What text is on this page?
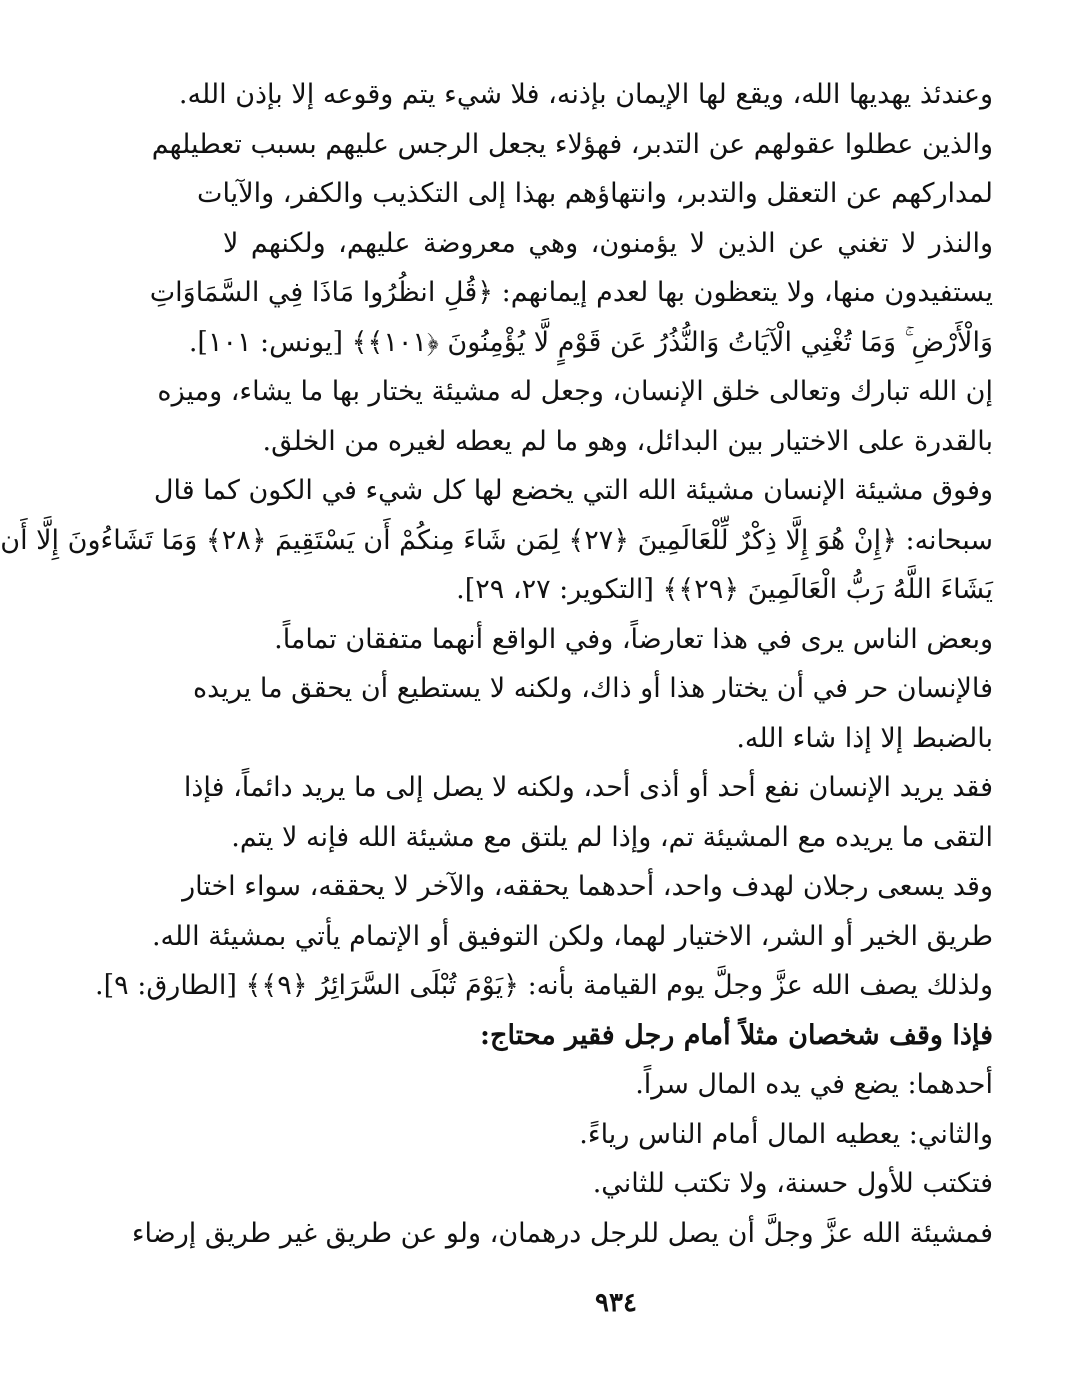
وعندئذ يهديها الله، ويقع لها الإيمان بإذنه، فلا شيء يتم وقوعه إلا بإذن الله.
والذين عطلوا عقولهم عن التدبر، فهؤلاء يجعل الرجس عليهم بسبب تعطيلهم
لمداركهم عن التعقل والتدبر، وانتهاؤهم بهذا إلى التكذيب والكفر، والآيات
والنذر لا تغني عن الذين لا يؤمنون، وهي معروضة عليهم، ولكنهم لا
يستفيدون منها، ولا يتعظون بها لعدم إيمانهم: ﴿قُلِ انظُرُوا مَاذَا فِي السَّمَاوَاتِ
وَالْأَرْضِ ۚ وَمَا تُغْنِي الْآيَاتُ وَالنُّذُرُ عَن قَوْمٍ لَّا يُؤْمِنُونَ ﴿١٠١﴾﴾ [يونس: ١٠١].
إن الله تبارك وتعالى خلق الإنسان، وجعل له مشيئة يختار بها ما يشاء، وميزه
بالقدرة على الاختيار بين البدائل، وهو ما لم يعطه لغيره من الخلق.
وفوق مشيئة الإنسان مشيئة الله التي يخضع لها كل شيء في الكون كما قال
سبحانه: ﴿إِنْ هُوَ إِلَّا ذِكْرٌ لِّلْعَالَمِينَ ﴿٢٧﴾ لِمَن شَاءَ مِنكُمْ أَن يَسْتَقِيمَ ﴿٢٨﴾ وَمَا تَشَاءُونَ إِلَّا أَن
يَشَاءَ اللَّهُ رَبُّ الْعَالَمِينَ ﴿٢٩﴾﴾ [التكوير: ٢٧، ٢٩].
وبعض الناس يرى في هذا تعارضاً، وفي الواقع أنهما متفقان تماماً.
فالإنسان حر في أن يختار هذا أو ذاك، ولكنه لا يستطيع أن يحقق ما يريده
بالضبط إلا إذا شاء الله.
فقد يريد الإنسان نفع أحد أو أذى أحد، ولكنه لا يصل إلى ما يريد دائماً، فإذا
التقى ما يريده مع المشيئة تم، وإذا لم يلتق مع مشيئة الله فإنه لا يتم.
وقد يسعى رجلان لهدف واحد، أحدهما يحققه، والآخر لا يحققه، سواء اختار
طريق الخير أو الشر، الاختيار لهما، ولكن التوفيق أو الإتمام يأتي بمشيئة الله.
ولذلك يصف الله عزَّ وجلَّ يوم القيامة بأنه: ﴿يَوْمَ تُبْلَى السَّرَائِرُ ﴿٩﴾﴾ [الطارق: ٩].
فإذا وقف شخصان مثلاً أمام رجل فقير محتاج:
أحدهما: يضع في يده المال سراً.
والثاني: يعطيه المال أمام الناس رياءً.
فتكتب للأول حسنة، ولا تكتب للثاني.
فمشيئة الله عزَّ وجلَّ أن يصل للرجل درهمان، ولو عن طريق غير طريق إرضاء
٩٣٤
